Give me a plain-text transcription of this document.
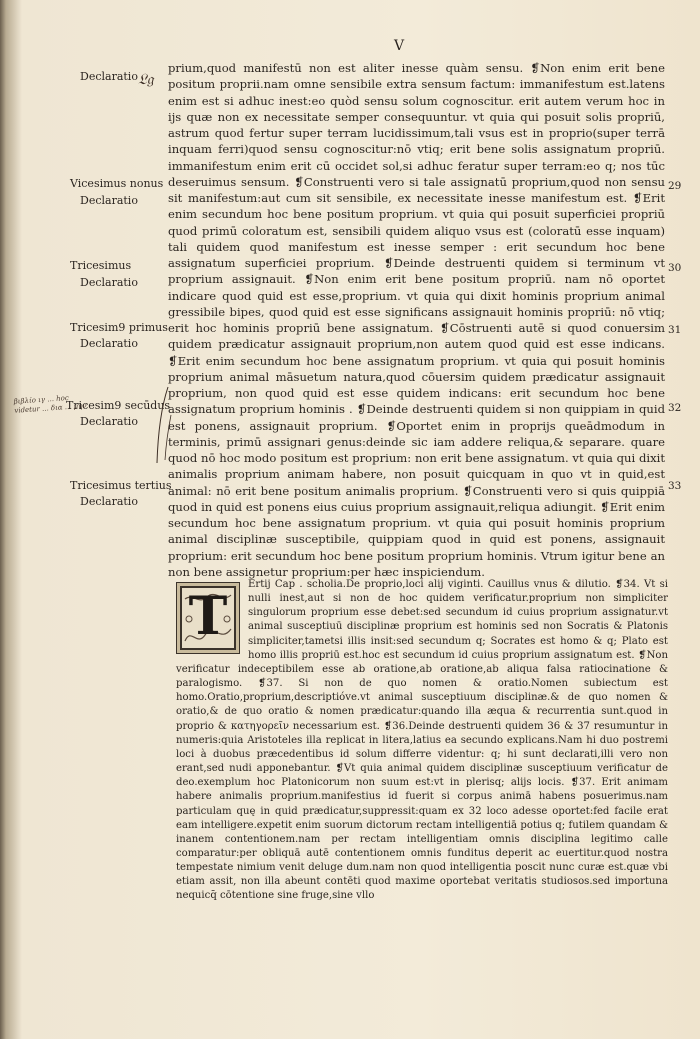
V
𝔏𝔤
Declaratio
Vicesimus nonus
Declaratio
Tricesimus
Declaratio
Tricesim9 primus
Declaratio
Tricesim9 secūdus
Declaratio
Tricesimus tertius
Declaratio
βιβλίο ιγ ... hoc videtur ... δια ... μην
29
30
31
32
33

prium,quod manifestū non est aliter inesse quàm sensu. ❡Non enim erit bene positum proprii.nam omne sensibile extra sensum factum: immanifestum est.latens enim est si adhuc inest:eo quòd sensu solum cognoscitur. erit autem verum hoc in ijs quæ non ex necessitate semper consequuntur. vt quia qui posuit solis propriū, astrum quod fertur super terram lucidissimum,tali vsus est in proprio(super terrā inquam ferri)quod sensu cognoscitur:nō vtiq; erit bene solis assignatum propriū. immanifestum enim erit cū occidet sol,si adhuc feratur super terram:eo q; nos tūc deseruimus sensum. ❡Construenti vero si tale assignatū proprium,quod non sensu sit manifestum:aut cum sit sensibile, ex necessitate inesse manifestum est. ❡Erit enim secundum hoc bene positum proprium. vt quia qui posuit superficiei propriū quod primū coloratum est, sensibili quidem aliquo vsus est (coloratū esse inquam) tali quidem quod manifestum est inesse semper : erit secundum hoc bene assignatum superficiei proprium. ❡Deinde destruenti quidem si terminum vt proprium assignauit. ❡Non enim erit bene positum propriū. nam nō oportet indicare quod quid est esse,proprium. vt quia qui dixit hominis proprium animal gressibile bipes, quod quid est esse significans assignauit hominis propriū: nō vtiq; erit hoc hominis propriū bene assignatum. ❡Cōstruenti autē si quod conuersim quidem prædicatur assignauit proprium,non autem quod quid est esse indicans. ❡Erit enim secundum hoc bene assignatum proprium. vt quia qui posuit hominis proprium animal māsuetum natura,quod cōuersim quidem prædicatur assignauit proprium, non quod quid est esse quidem indicans: erit secundum hoc bene assignatum proprium hominis . ❡Deinde destruenti quidem si non quippiam in quid est ponens, assignauit proprium. ❡Oportet enim in proprijs queādmodum in terminis, primū assignari genus:deinde sic iam addere reliqua,& separare. quare quod nō hoc modo positum est proprium: non erit bene assignatum. vt quia qui dixit animalis proprium animam habere, non posuit quicquam in quo vt in quid,est animal: nō erit bene positum animalis proprium. ❡Construenti vero si quis quippiā quod in quid est ponens eius cuius proprium assignauit,reliqua adiungit. ❡Erit enim secundum hoc bene assignatum proprium. vt quia qui posuit hominis proprium animal disciplinæ susceptibile, quippiam quod in quid est ponens, assignauit proprium: erit secundum hoc bene positum proprium hominis. Vtrum igitur bene an non bene assignetur proprium:per hæc inspiciendum.

T

Ertij Cap . scholia.De proprio,loci alij viginti. Cauillus vnus & dilutio. ❡34. Vt si nulli inest,aut si non de hoc quidem verificatur.proprium non simpliciter singulorum proprium esse debet:sed secundum id cuius proprium assignatur.vt animal susceptiuū disciplinæ proprium est hominis sed non Socratis & Platonis simpliciter,tametsi illis insit:sed secundum q; Socrates est homo & q; Plato est homo illis propriū est.hoc est secundum id cuius proprium assignatum est. ❡Non verificatur indeceptibilem esse ab oratione,ab oratione,ab aliqua falsa ratiocinatione & paralogismo. ❡37. Si non de quo nomen & oratio.Nomen subiectum est homo.Oratio,proprium,descriptióve.vt animal susceptiuum disciplinæ.& de quo nomen & oratio,& de quo oratio & nomen prædicatur:quando illa æqua & recurrentia sunt.quod in proprio & κατηγορεῖν necessarium est. ❡36.Deinde destruenti quidem 36 & 37 resumuntur in numeris:quia Aristoteles illa replicat in litera,latius ea secundo explicans.Nam hi duo postremi loci à duobus præcedentibus id solum differre videntur: q; hi sunt declarati,illi vero non erant,sed nudi apponebantur. ❡Vt quia animal quidem disciplinæ susceptiuum verificatur de deo.exemplum hoc Platonicorum non suum est:vt in plerisq; alijs locis. ❡37. Erit animam habere animalis proprium.manifestius id fuerit si corpus animā habens posuerimus.nam particulam quę in quid prædicatur,suppressit:quam ex 32 loco adesse oportet:fed facile erat eam intelligere.expetit enim suorum dictorum rectam intelligentiā potius q; futilem quandam & inanem contentionem.nam per rectam intelligentiam omnis disciplina legitimo calle comparatur:per obliquā autē contentionem omnis funditus deperit ac euertitur.quod nostra tempestate nimium venit deluge dum.nam non quod intelligentia poscit nunc curæ est.quæ vbi etiam assit, non illa abeunt contēti quod maxime oportebat veritatis studiosos.sed importuna nequicq̄ cōtentione sine fruge,sine vllo
